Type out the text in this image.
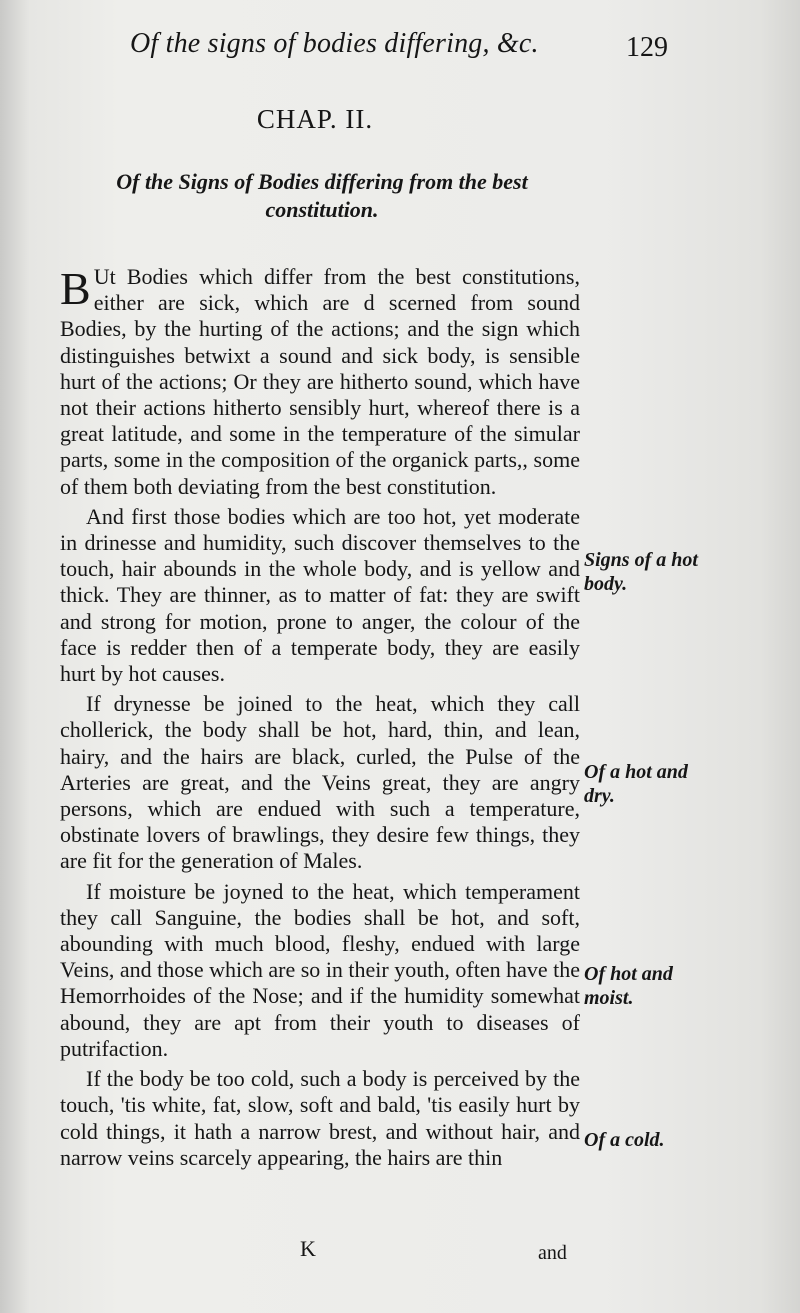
Of the signs of bodies differing, &c.	129
CHAP. II.
Of the Signs of Bodies differing from the best constitution.

B Ut Bodies which differ from the best constitutions, either are sick, which are d scerned from sound Bodies, by the hurting of the actions; and the sign which distinguishes betwixt a sound and sick body, is sensible hurt of the actions; Or they are hitherto sound, which have not their actions hitherto sensibly hurt, whereof there is a great latitude, and some in the temperature of the simular parts, some in the composition of the organick parts,, some of them both deviating from the best constitution.

And first those bodies which are too hot, yet moderate in drinesse and humidity, such discover themselves to the touch, hair abounds in the whole body, and is yellow and thick. They are thinner, as to matter of fat: they are swift and strong for motion, prone to anger, the colour of the face is redder then of a temperate body, they are easily hurt by hot causes.

If drynesse be joined to the heat, which they call chollerick, the body shall be hot, hard, thin, and lean, hairy, and the hairs are black, curled, the Pulse of the Arteries are great, and the Veins great, they are angry persons, which are endued with such a temperature, obstinate lovers of brawlings, they desire few things, they are fit for the generation of Males.

If moisture be joyned to the heat, which temperament they call Sanguine, the bodies shall be hot, and soft, abounding with much blood, fleshy, endued with large Veins, and those which are so in their youth, often have the Hemorrhoides of the Nose; and if the humidity somewhat abound, they are apt from their youth to diseases of putrifaction.

If the body be too cold, such a body is perceived by the touch, 'tis white, fat, slow, soft and bald, 'tis easily hurt by cold things, it hath a narrow brest, and without hair, and narrow veins scarcely appearing, the hairs are thin

Signs of a hot body.
Of a hot and dry.
Of hot and moist.
Of a cold.
K	and
